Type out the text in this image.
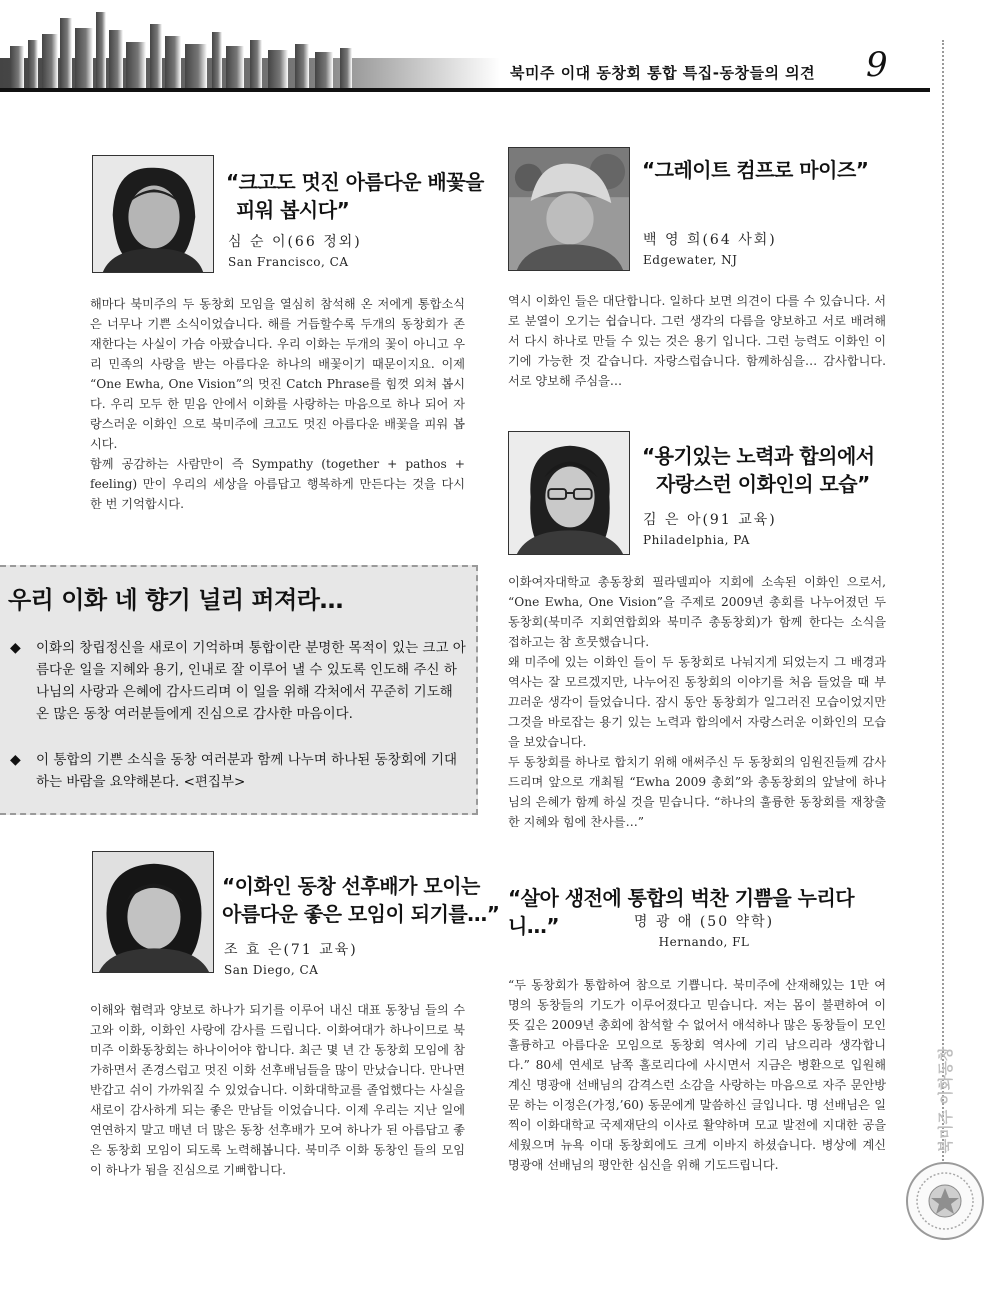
북미주 이대 동창회 통합 특집-동창들의 의견 9
“크고도 멋진 아름다운 배꽃을
피워 봅시다”
심 순 이(66 정외)
San Francisco, CA

해마다 북미주의 두 동창회 모임을 열심히 참석해 온 저에게 통합소식은 너무나 기쁜 소식이었습니다. 해를 거듭할수록 두개의 동창회가 존재한다는 사실이 가슴 아팠습니다. 우리 이화는 두개의 꽃이 아니고 우리 민족의 사랑을 받는 아름다운 하나의 배꽃이기 때문이지요. 이제 “One Ewha, One Vision”의 멋진 Catch Phrase를 힘껏 외쳐 봅시다. 우리 모두 한 믿음 안에서 이화를 사랑하는 마음으로 하나 되어 자랑스러운 이화인 으로 북미주에 크고도 멋진 아름다운 배꽃을 피워 봅시다.

함께 공감하는 사람만이 즉 Sympathy (together + pathos + feeling) 만이 우리의 세상을 아름답고 행복하게 만든다는 것을 다시 한 번 기억합시다.

우리 이화 네 향기 널리 퍼져라…
◆ 이화의 창립정신을 새로이 기억하며 통합이란 분명한 목적이 있는 크고 아름다운 일을 지혜와 용기, 인내로 잘 이루어 낼 수 있도록 인도해 주신 하나님의 사랑과 은혜에 감사드리며 이 일을 위해 각처에서 꾸준히 기도해 온 많은 동창 여러분들에게 진심으로 감사한 마음이다.
◆ 이 통합의 기쁜 소식을 동창 여러분과 함께 나누며 하나된 동창회에 기대하는 바람을 요약해본다. <편집부>
“이화인 동창 선후배가 모이는
아름다운 좋은 모임이 되기를…”
조 효 은(71 교육)
San Diego, CA

이해와 협력과 양보로 하나가 되기를 이루어 내신 대표 동창님 들의 수고와 이화, 이화인 사랑에 감사를 드립니다. 이화여대가 하나이므로 북미주 이화동창회는 하나이어야 합니다. 최근 몇 년 간 동창회 모임에 참가하면서 존경스럽고 멋진 이화 선후배님들을 많이 만났습니다. 만나면 반갑고 쉬이 가까워질 수 있었습니다. 이화대학교를 졸업했다는 사실을 새로이 감사하게 되는 좋은 만남들 이었습니다. 이제 우리는 지난 일에 연연하지 말고 매년 더 많은 동창 선후배가 모여 하나가 된 아름답고 좋은 동창회 모임이 되도록 노력해봅니다. 북미주 이화 동창인 들의 모임이 하나가 됨을 진심으로 기뻐합니다.

“그레이트 컴프로 마이즈”
백 영 희(64 사회)
Edgewater, NJ

역시 이화인 들은 대단합니다. 일하다 보면 의견이 다를 수 있습니다. 서로 분열이 오기는 쉽습니다. 그런 생각의 다름을 양보하고 서로 배려해서 다시 하나로 만들 수 있는 것은 용기 입니다. 그런 능력도 이화인 이기에 가능한 것 같습니다. 자랑스럽습니다. 함께하심을… 감사합니다. 서로 양보해 주심을…

“용기있는 노력과 합의에서
자랑스런 이화인의 모습”
김 은 아(91 교육)
Philadelphia, PA

이화여자대학교 총동창회 필라델피아 지회에 소속된 이화인 으로서, “One Ewha, One Vision”을 주제로 2009년 총회를 나누어졌던 두 동창회(북미주 지회연합회와 북미주 총동창회)가 함께 한다는 소식을 접하고는 참 흐뭇했습니다.

왜 미주에 있는 이화인 들이 두 동창회로 나눠지게 되었는지 그 배경과 역사는 잘 모르겠지만, 나누어진 동창회의 이야기를 처음 들었을 때 부끄러운 생각이 들었습니다. 잠시 동안 동창회가 일그러진 모습이었지만 그것을 바로잡는 용기 있는 노력과 합의에서 자랑스러운 이화인의 모습을 보았습니다.

두 동창회를 하나로 합치기 위해 애써주신 두 동창회의 임원진들께 감사드리며 앞으로 개최될 “Ewha 2009 총회”와 총동창회의 앞날에 하나님의 은혜가 함께 하실 것을 믿습니다. “하나의 훌륭한 동창회를 재창출한 지혜와 힘에 찬사를…”

“살아 생전에 통합의 벅찬 기쁨을 누리다니…”	명 광 애 (50 약학)
Hernando, FL

“두 동창회가 통합하여 참으로 기쁩니다. 북미주에 산재해있는 1만 여명의 동창들의 기도가 이루어졌다고 믿습니다. 저는 몸이 불편하여 이 뜻 깊은 2009년 총회에 참석할 수 없어서 애석하나 많은 동창들이 모인 훌륭하고 아름다운 모임으로 동창회 역사에 기리 남으리라 생각합니다.” 80세 연세로 남쪽 홀로리다에 사시면서 지금은 병환으로 입원해 계신 명광애 선배님의 감격스런 소감을 사랑하는 마음으로 자주 문안방문 하는 이정은(가정,’60) 동문에게 말씀하신 글입니다. 명 선배님은 일찍이 이화대학교 국제재단의 이사로 활약하며 모교 발전에 지대한 공을 세웠으며 뉴욕 이대 동창회에도 크게 이바지 하셨습니다. 병상에 계신 명광애 선배님의 평안한 심신을 위해 기도드립니다.

북미주 이화동창
